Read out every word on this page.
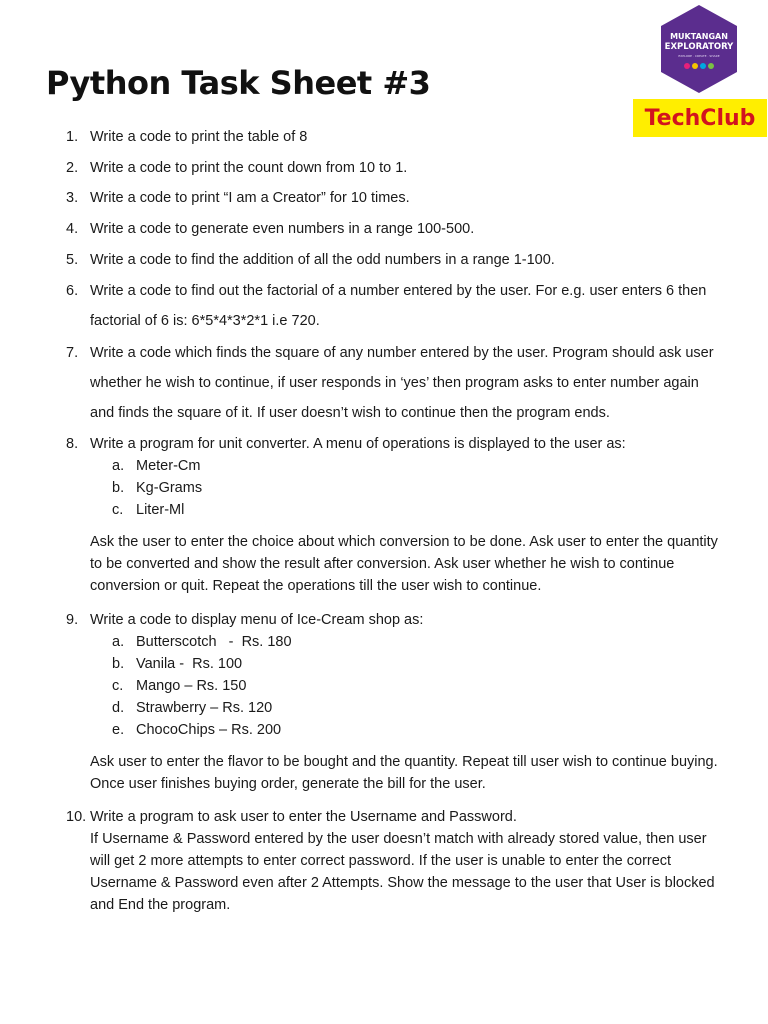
Python Task Sheet #3
MUKTANGAN
EXPLORATORY
EXPLORE · CREATE · SHARE
TechClub
1. Write a code to print the table of 8
2. Write a code to print the count down from 10 to 1.
3. Write a code to print “I am a Creator” for 10 times.
4. Write a code to generate even numbers in a range 100-500.
5. Write a code to find the addition of all the odd numbers in a range 1-100.
6. Write a code to find out the factorial of a number entered by the user. For e.g. user enters 6 then factorial of 6 is: 6*5*4*3*2*1 i.e 720.
7. Write a code which finds the square of any number entered by the user. Program should ask user whether he wish to continue, if user responds in ‘yes’ then program asks to enter number again and finds the square of it. If user doesn’t wish to continue then the program ends.
8. Write a program for unit converter. A menu of operations is displayed to the user as:
a. Meter-Cm
b. Kg-Grams
c. Liter-Ml
Ask the user to enter the choice about which conversion to be done. Ask user to enter the quantity to be converted and show the result after conversion. Ask user whether he wish to continue conversion or quit. Repeat the operations till the user wish to continue.
9. Write a code to display menu of Ice-Cream shop as:
a. Butterscotch   -  Rs. 180
b. Vanila -  Rs. 100
c. Mango – Rs. 150
d. Strawberry – Rs. 120
e. ChocoChips – Rs. 200
Ask user to enter the flavor to be bought and the quantity. Repeat till user wish to continue buying. Once user finishes buying order, generate the bill for the user.
10. Write a program to ask user to enter the Username and Password.
If Username & Password entered by the user doesn’t match with already stored value, then user will get 2 more attempts to enter correct password. If the user is unable to enter the correct Username & Password even after 2 Attempts. Show the message to the user that User is blocked and End the program.
